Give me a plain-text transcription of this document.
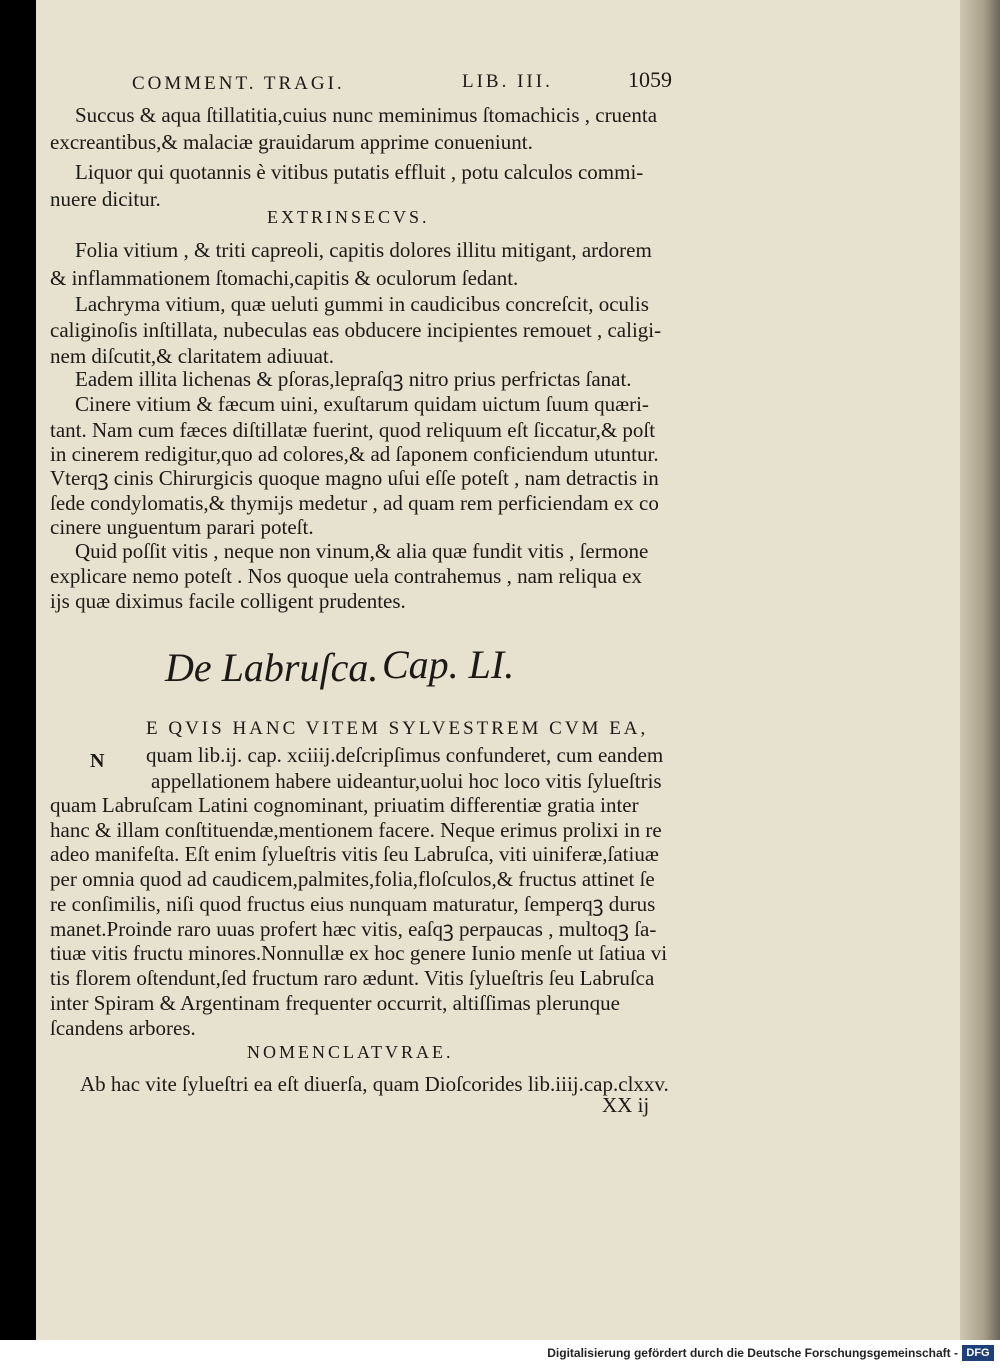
COMMENT. TRAGI.	LIB. III.	1059
Succus & aqua ſtillatitia,cuius nunc meminimus ſtomachicis , cruenta
excreantibus,& malaciæ grauidarum apprime conueniunt.
Liquor qui quotannis è vitibus putatis effluit , potu calculos commi-
nuere dicitur.
EXTRINSECVS.
Folia vitium , & triti capreoli, capitis dolores illitu mitigant, ardorem
& inflammationem ſtomachi,capitis & oculorum ſedant.
Lachryma vitium, quæ ueluti gummi in caudicibus concreſcit, oculis
caliginoſis inſtillata, nubeculas eas obducere incipientes remouet , caligi-
nem diſcutit,& claritatem adiuuat.
Eadem illita lichenas & pſoras,lepraſqꝫ nitro prius perfrictas ſanat.
Cinere vitium & fæcum uini, exuſtarum quidam uictum ſuum quæri-
tant. Nam cum fæces diſtillatæ fuerint, quod reliquum eſt ſiccatur,& poſt
in cinerem redigitur,quo ad colores,& ad ſaponem conficiendum utuntur.
Vterqꝫ cinis Chirurgicis quoque magno uſui eſſe poteſt , nam detractis in
ſede condylomatis,& thymijs medetur , ad quam rem perficiendam ex co
cinere unguentum parari poteſt.
Quid poſſit vitis , neque non vinum,& alia quæ fundit vitis , ſermone
explicare nemo poteſt . Nos quoque uela contrahemus , nam reliqua ex
ijs quæ diximus facile colligent prudentes.
De Labruſca. Cap. LI.
N
E QVIS HANC VITEM SYLVESTREM CVM EA,
quam lib.ij. cap. xciiij.deſcripſimus confunderet, cum eandem
appellationem habere uideantur,uolui hoc loco vitis ſylueſtris
quam Labruſcam Latini cognominant, priuatim differentiæ gratia inter
hanc & illam conſtituendæ,mentionem facere. Neque erimus prolixi in re
adeo manifeſta. Eſt enim ſylueſtris vitis ſeu Labruſca, viti uiniferæ,ſatiuæ
per omnia quod ad caudicem,palmites,folia,floſculos,& fructus attinet ſe
re conſimilis, niſi quod fructus eius nunquam maturatur, ſemperqꝫ durus
manet.Proinde raro uuas profert hæc vitis, eaſqꝫ perpaucas , multoqꝫ ſa-
tiuæ vitis fructu minores.Nonnullæ ex hoc genere Iunio menſe ut ſatiua vi
tis florem oſtendunt,ſed fructum raro ædunt. Vitis ſylueſtris ſeu Labruſca
inter Spiram & Argentinam frequenter occurrit, altiſſimas plerunque
ſcandens arbores.
NOMENCLATVRAE.
Ab hac vite ſylueſtri ea eſt diuerſa, quam Dioſcorides lib.iiij.cap.clxxv.
XX ij
Digitalisierung gefördert durch die Deutsche Forschungsgemeinschaft - DFG
